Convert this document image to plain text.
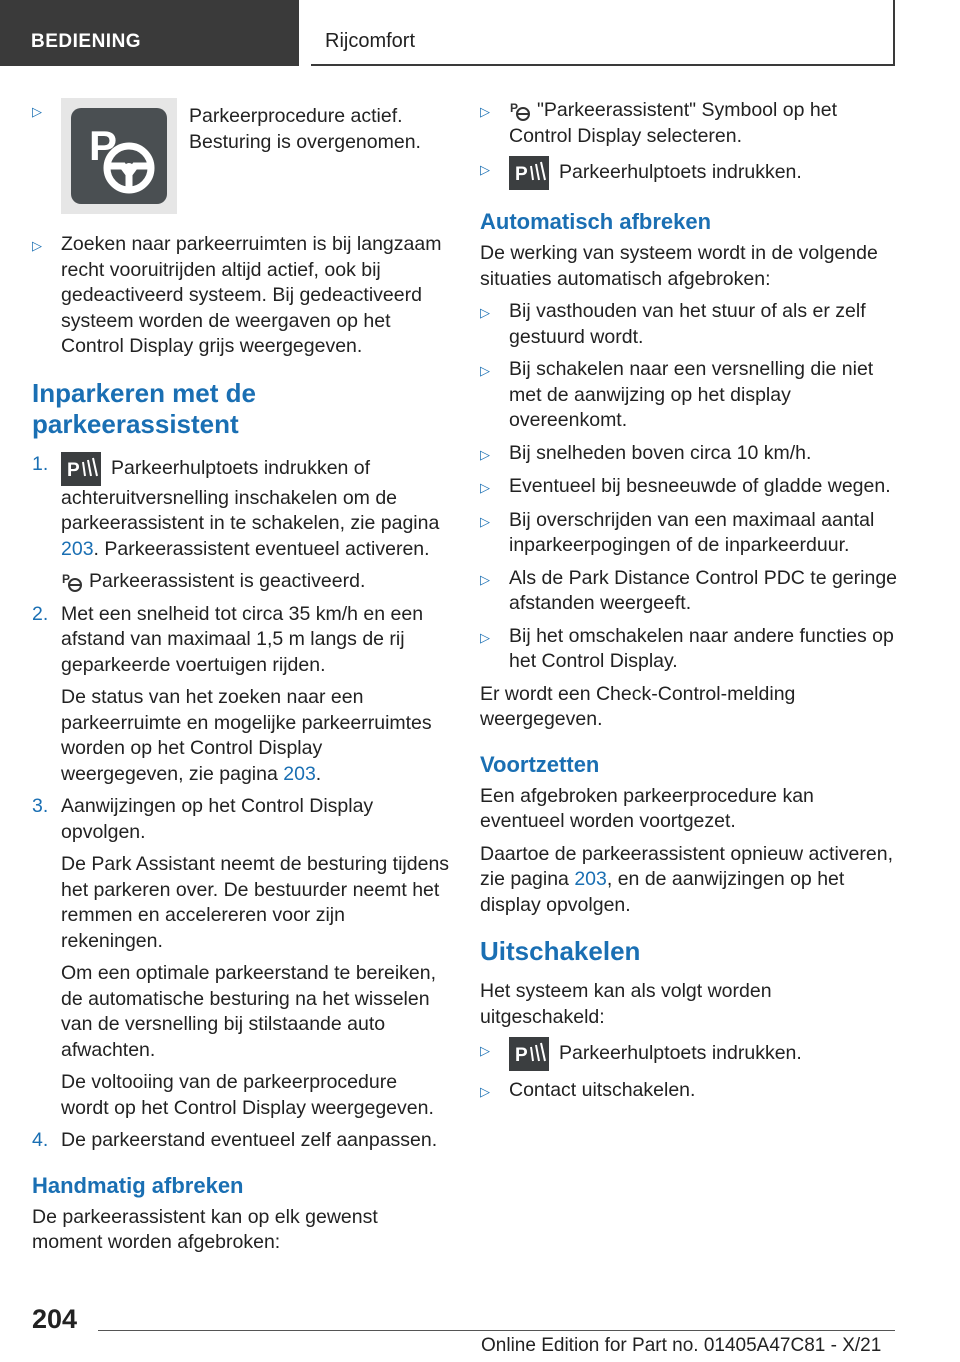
BEDIENING	Rijcomfort
▷
P
Parkeerprocedure actief. Besturing is overgenomen.
▷ Zoeken naar parkeerruimten is bij langzaam recht vooruitrijden altijd actief, ook bij gedeactiveerd systeem. Bij gedeactiveerd systeem worden de weergaven op het Control Display grijs weergegeven.
Inparkeren met de parkeerassistent
1. P Parkeerhulptoets indrukken of achteruitversnelling inschakelen om de parkeerassistent in te schakelen, zie pagina 203. Parkeerassistent eventueel activeren.

P Parkeerassistent is geactiveerd.

2. Met een snelheid tot circa 35 km/h en een afstand van maximaal 1,5 m langs de rij geparkeerde voertuigen rijden.

De status van het zoeken naar een parkeerruimte en mogelijke parkeerruimtes worden op het Control Display weergegeven, zie pagina 203.

3. Aanwijzingen op het Control Display opvolgen.

De Park Assistant neemt de besturing tijdens het parkeren over. De bestuurder neemt het remmen en accelereren voor zijn rekeningen.

Om een optimale parkeerstand te bereiken, de automatische besturing na het wisselen van de versnelling bij stilstaande auto afwachten.

De voltooiing van de parkeerprocedure wordt op het Control Display weergegeven.

4. De parkeerstand eventueel zelf aanpassen.

Handmatig afbreken

De parkeerassistent kan op elk gewenst moment worden afgebroken:

▷	P "Parkeerassistent" Symbool op het Control Display selecteren.
▷	P Parkeerhulptoets indrukken.
Automatisch afbreken

De werking van systeem wordt in de volgende situaties automatisch afgebroken:

▷ Bij vasthouden van het stuur of als er zelf gestuurd wordt.
▷ Bij schakelen naar een versnelling die niet met de aanwijzing op het display overeenkomt.
▷ Bij snelheden boven circa 10 km/h.
▷ Eventueel bij besneeuwde of gladde wegen.
▷ Bij overschrijden van een maximaal aantal inparkeerpogingen of de inparkeerduur.
▷ Als de Park Distance Control PDC te geringe afstanden weergeeft.
▷ Bij het omschakelen naar andere functies op het Control Display.

Er wordt een Check-Control-melding weergegeven.

Voortzetten

Een afgebroken parkeerprocedure kan eventueel worden voortgezet.

Daartoe de parkeerassistent opnieuw activeren, zie pagina 203, en de aanwijzingen op het display opvolgen.

Uitschakelen

Het systeem kan als volgt worden uitgeschakeld:

▷	P Parkeerhulptoets indrukken.
▷ Contact uitschakelen.
204
Online Edition for Part no. 01405A47C81 - X/21
